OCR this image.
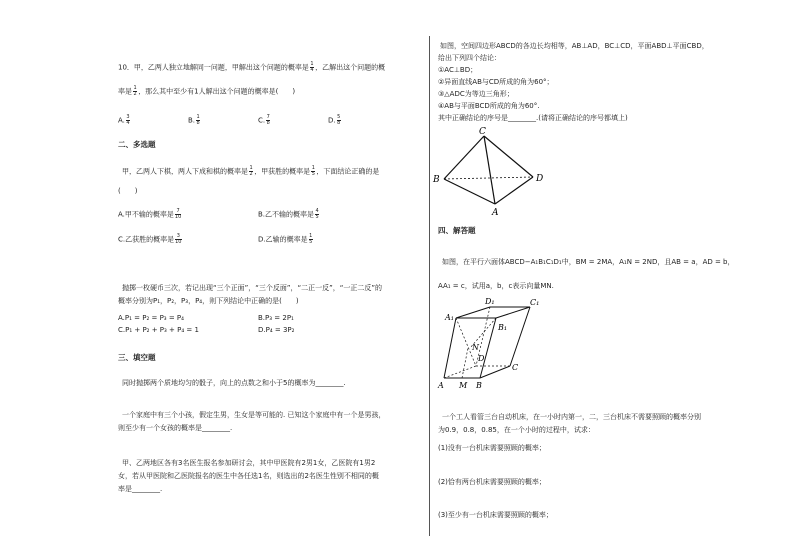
10．甲，乙两人独立地解同一问题，甲解出这个问题的概率是 $\frac{1}{4}$ ，乙解出这个问题的概
率是 $\frac{1}{2}$ ，那么其中至少有1人解出这个问题的概率是(　　)
A. $\frac{3}{4}$	B. $\frac{1}{8}$	C. $\frac{7}{8}$	D. $\frac{5}{8}$
二、多选题
甲，乙两人下棋，两人下成和棋的概率是 $\frac{1}{2}$ ，甲获胜的概率是 $\frac{1}{5}$ ，下面结论正确的是
(　　)
A.甲不输的概率是 $\frac{7}{10}$	B.乙不输的概率是 $\frac{4}{5}$
C.乙获胜的概率是 $\frac{3}{10}$	D.乙输的概率是 $\frac{1}{5}$
抛掷一枚硬币三次，若记出现“三个正面”，“三个反面”，“二正一反”，“一正二反”的
概率分别为P₁，P₂，P₃，P₄，则下列结论中正确的是(　　)
A.P₁ = P₂ = P₃ = P₄	B.P₃ = 2P₁
C.P₁ + P₂ + P₃ + P₄ = 1	D.P₄ = 3P₂
三、填空题
同时抛掷两个质地均匀的骰子，向上的点数之和小于5的概率为________.
一个家庭中有三个小孩，假定生男，生女是等可能的. 已知这个家庭中有一个是男孩，
则至少有一个女孩的概率是________.
甲、乙两地区各有3名医生报名参加研讨会，其中甲医院有2男1女，乙医院有1男2
女，若从甲医院和乙医院报名的医生中各任选1名，则选出的2名医生性别不相同的概
率是________.
如图，空间四边形ABCD的各边长均相等，AB⊥AD，BC⊥CD，平面ABD⊥平面CBD，
给出下列四个结论：
①AC⊥BD；
②异面直线AB与CD所成的角为60°；
③△ADC为等边三角形；
④AB与平面BCD所成的角为60°.
其中正确结论的序号是________.(请将正确结论的序号都填上)
C
B	D
A
四、解答题
如图，在平行六面体ABCD−A₁B₁C₁D₁中，BM = 2MA，A₁N = 2ND，且AB = a，AD = b，
AA₁ = c，试用a，b，c表示向量MN.
D₁	C₁
A₁
B₁
N
D
C
A M B
一个工人看管三台自动机床，在一小时内第一，二，三台机床不需要照顾的概率分别
为0.9，0.8，0.85，在一个小时的过程中，试求：
(1)没有一台机床需要照顾的概率；
(2)恰有两台机床需要照顾的概率；
(3)至少有一台机床需要照顾的概率；
